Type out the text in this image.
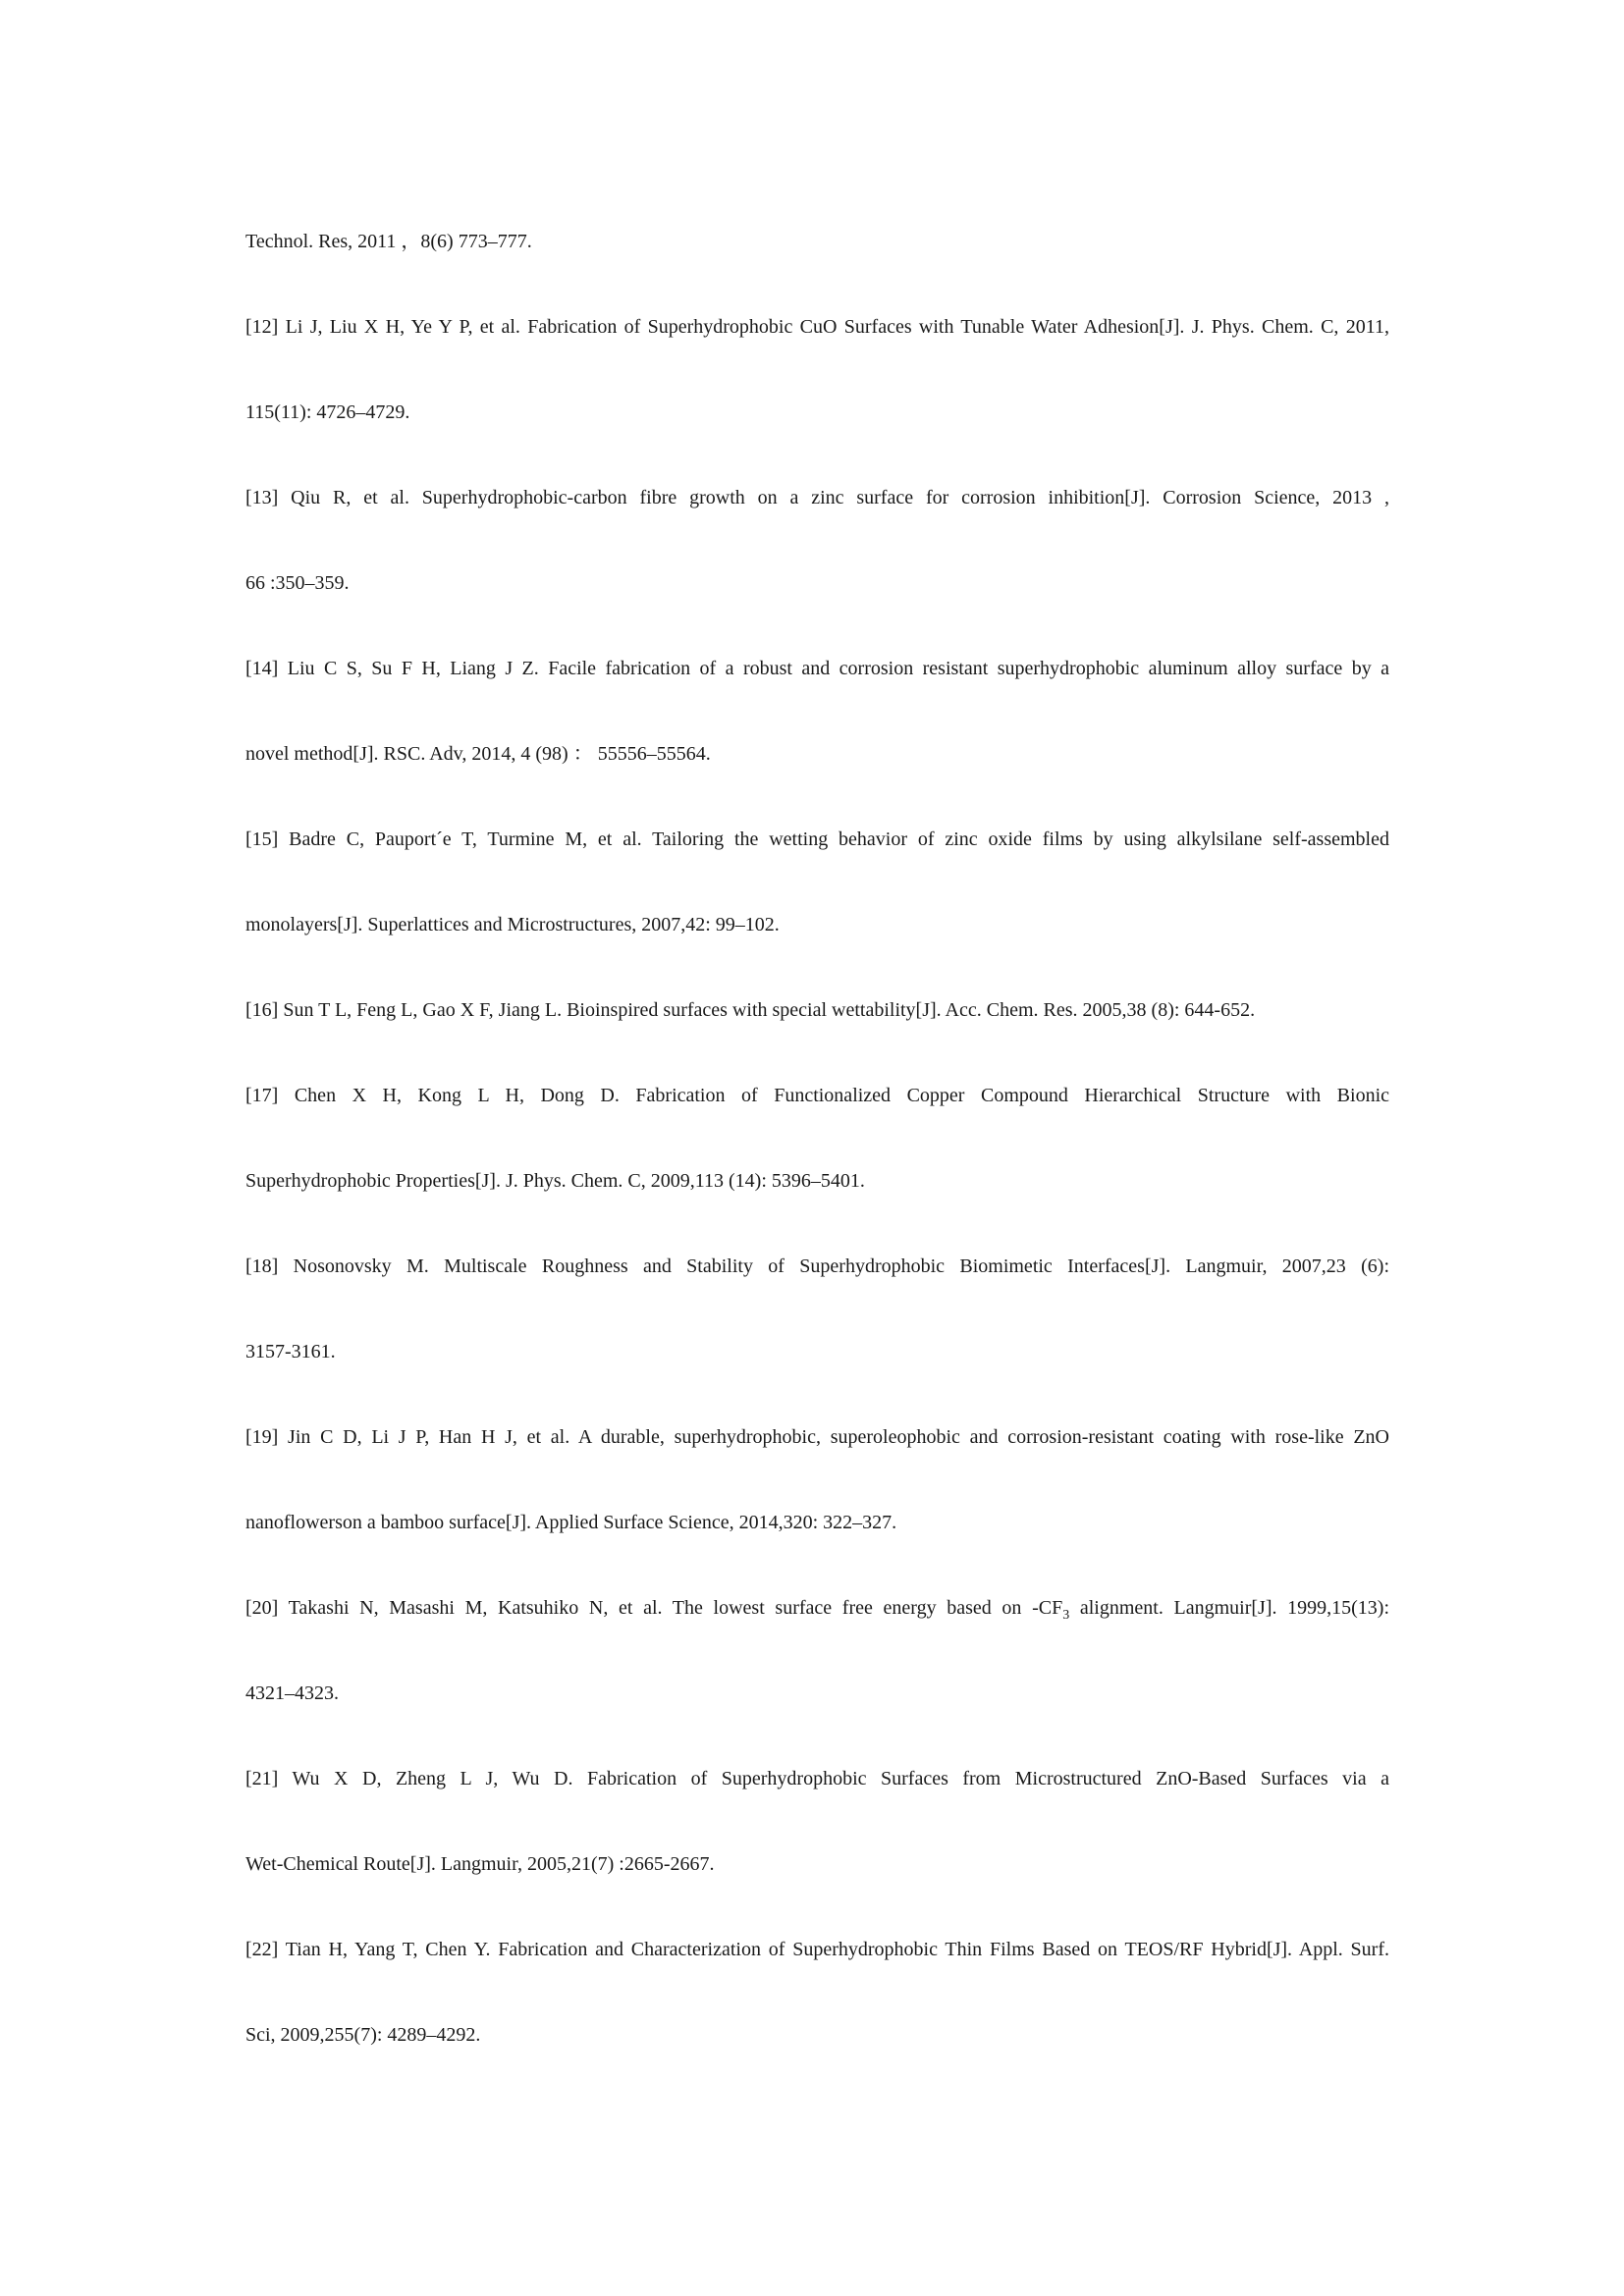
Technol. Res, 2011 ，8(6) 773–777.
[12] Li J, Liu X H, Ye Y P, et al. Fabrication of Superhydrophobic CuO Surfaces with Tunable Water Adhesion[J]. J. Phys. Chem. C, 2011,
115(11): 4726–4729.
[13] Qiu R, et al. Superhydrophobic-carbon fibre growth on a zinc surface for corrosion inhibition[J]. Corrosion Science, 2013 ,
66 :350–359.
[14] Liu C S, Su F H, Liang J Z. Facile fabrication of a robust and corrosion resistant superhydrophobic aluminum alloy surface by a
novel method[J]. RSC. Adv, 2014, 4 (98) ： 55556–55564.
[15] Badre C, Pauport´e T, Turmine M, et al. Tailoring the wetting behavior of zinc oxide films by using alkylsilane self-assembled
monolayers[J]. Superlattices and Microstructures, 2007,42: 99–102.
[16] Sun T L, Feng L, Gao X F, Jiang L. Bioinspired surfaces with special wettability[J]. Acc. Chem. Res. 2005,38 (8): 644-652.
[17] Chen X H, Kong L H, Dong D. Fabrication of Functionalized Copper Compound Hierarchical Structure with Bionic
Superhydrophobic Properties[J]. J. Phys. Chem. C, 2009,113 (14): 5396–5401.
[18] Nosonovsky M. Multiscale Roughness and Stability of Superhydrophobic Biomimetic Interfaces[J]. Langmuir, 2007,23 (6):
3157-3161.
[19] Jin C D, Li J P, Han H J, et al. A durable, superhydrophobic, superoleophobic and corrosion-resistant coating with rose-like ZnO
nanoflowerson a bamboo surface[J]. Applied Surface Science, 2014,320: 322–327.
[20] Takashi N, Masashi M, Katsuhiko N, et al. The lowest surface free energy based on $-CF_3$ alignment. Langmuir[J]. 1999,15(13):
4321–4323.
[21] Wu X D, Zheng L J, Wu D. Fabrication of Superhydrophobic Surfaces from Microstructured ZnO-Based Surfaces via a
Wet-Chemical Route[J]. Langmuir, 2005,21(7) :2665-2667.
[22] Tian H, Yang T, Chen Y. Fabrication and Characterization of Superhydrophobic Thin Films Based on TEOS/RF Hybrid[J]. Appl. Surf.
Sci, 2009,255(7): 4289–4292.
